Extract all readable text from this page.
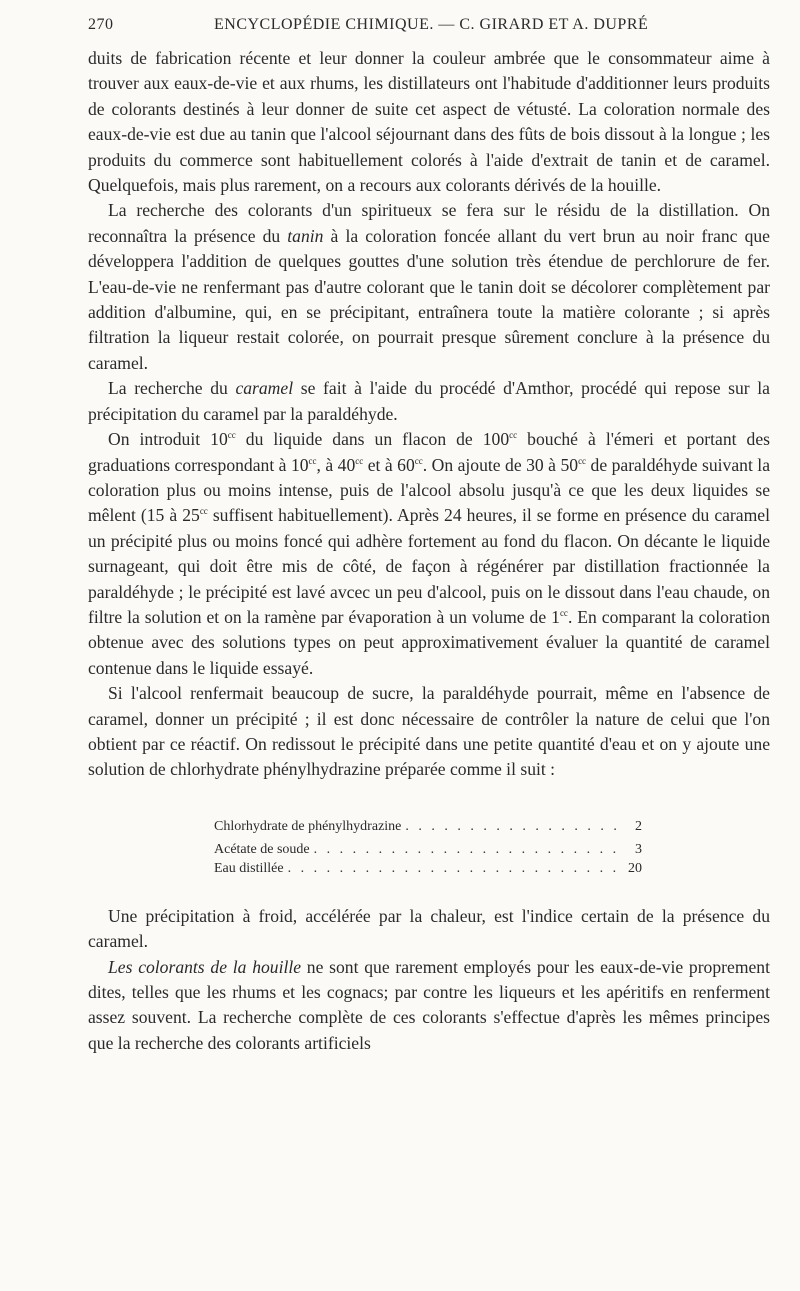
270	ENCYCLOPÉDIE CHIMIQUE. — C. GIRARD ET A. DUPRÉ

duits de fabrication récente et leur donner la couleur ambrée que le consommateur aime à trouver aux eaux-de-vie et aux rhums, les distillateurs ont l'habitude d'additionner leurs produits de colorants destinés à leur donner de suite cet aspect de vétusté. La coloration normale des eaux-de-vie est due au tanin que l'alcool séjournant dans des fûts de bois dissout à la longue ; les produits du commerce sont habituellement colorés à l'aide d'extrait de tanin et de caramel. Quelquefois, mais plus rarement, on a recours aux colorants dérivés de la houille.

La recherche des colorants d'un spiritueux se fera sur le résidu de la distillation. On reconnaîtra la présence du tanin à la coloration foncée allant du vert brun au noir franc que développera l'addition de quelques gouttes d'une solution très étendue de perchlorure de fer. L'eau-de-vie ne renfermant pas d'autre colorant que le tanin doit se décolorer complètement par addition d'albumine, qui, en se précipitant, entraînera toute la matière colorante ; si après filtration la liqueur restait colorée, on pourrait presque sûrement conclure à la présence du caramel.

La recherche du caramel se fait à l'aide du procédé d'Amthor, procédé qui repose sur la précipitation du caramel par la paraldéhyde.

On introduit $10^{cc}$ du liquide dans un flacon de $100^{cc}$ bouché à l'émeri et portant des graduations correspondant à $10^{cc}$, à $40^{cc}$ et à $60^{cc}$. On ajoute de 30 à $50^{cc}$ de paraldéhyde suivant la coloration plus ou moins intense, puis de l'alcool absolu jusqu'à ce que les deux liquides se mêlent (15 à $25^{cc}$ suffisent habituellement). Après 24 heures, il se forme en présence du caramel un précipité plus ou moins foncé qui adhère fortement au fond du flacon. On décante le liquide surnageant, qui doit être mis de côté, de façon à régénérer par distillation fractionnée la paraldéhyde ; le précipité est lavé avcec un peu d'alcool, puis on le dissout dans l'eau chaude, on filtre la solution et on la ramène par évaporation à un volume de $1^{cc}$. En comparant la coloration obtenue avec des solutions types on peut approximativement évaluer la quantité de caramel contenue dans le liquide essayé.

Si l'alcool renfermait beaucoup de sucre, la paraldéhyde pourrait, même en l'absence de caramel, donner un précipité ; il est donc nécessaire de contrôler la nature de celui que l'on obtient par ce réactif. On redissout le précipité dans une petite quantité d'eau et on y ajoute une solution de chlorhydrate phénylhydrazine préparée comme il suit :

Chlorhydrate de phénylhydrazine . . .	2
Acétate de soude . . .	3
Eau distillée . . .	20

Une précipitation à froid, accélérée par la chaleur, est l'indice certain de la présence du caramel.

Les colorants de la houille ne sont que rarement employés pour les eaux-de-vie proprement dites, telles que les rhums et les cognacs; par contre les liqueurs et les apéritifs en renferment assez souvent. La recherche complète de ces colorants s'effectue d'après les mêmes principes que la recherche des colorants artificiels
